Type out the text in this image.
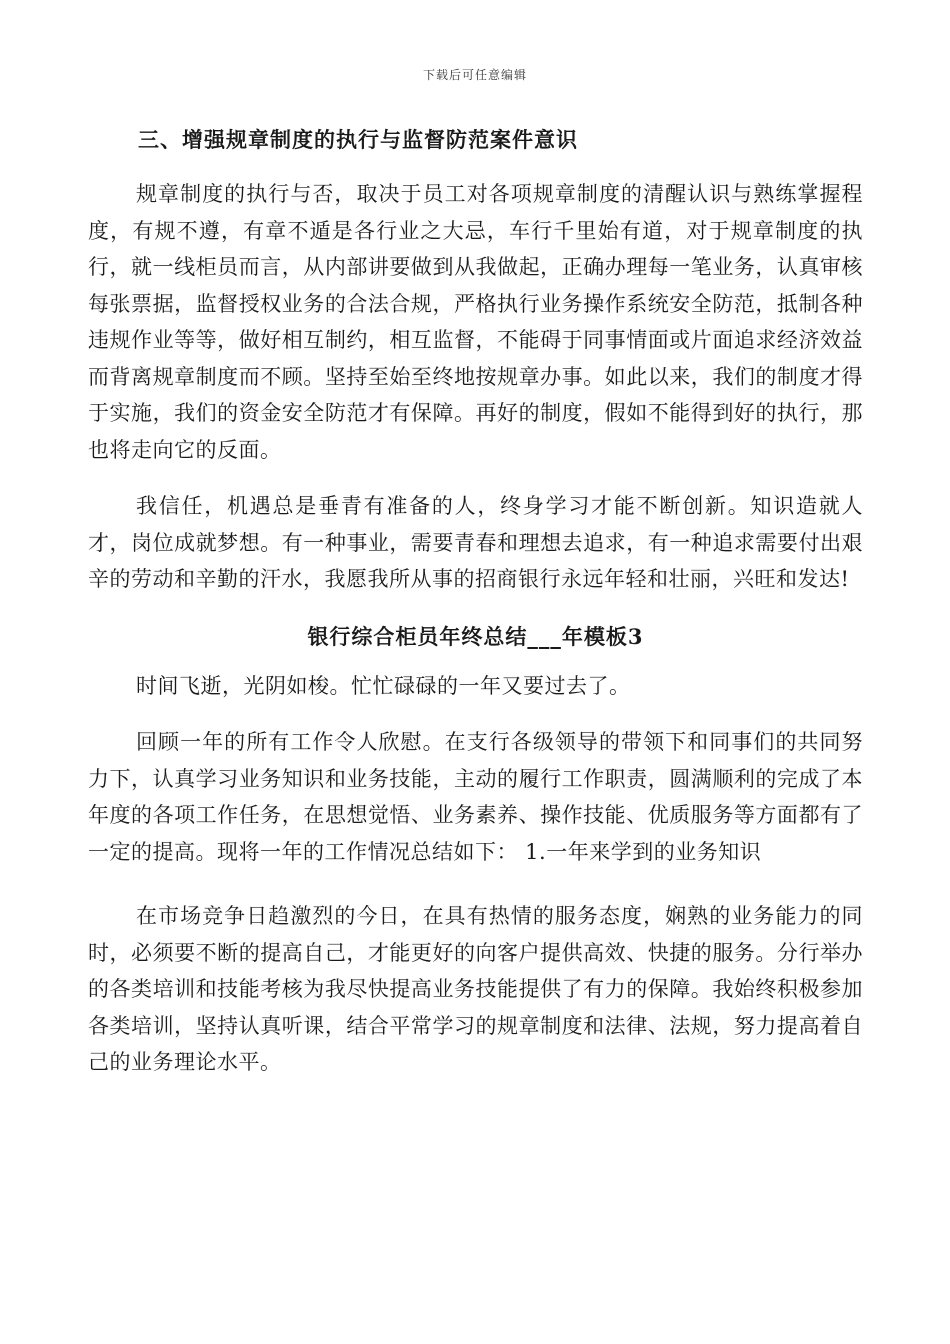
下载后可任意编辑
三、增强规章制度的执行与监督防范案件意识

规章制度的执行与否，取决于员工对各项规章制度的清醒认识与熟练掌握程度，有规不遵，有章不遁是各行业之大忌，车行千里始有道，对于规章制度的执行，就一线柜员而言，从内部讲要做到从我做起，正确办理每一笔业务，认真审核每张票据，监督授权业务的合法合规，严格执行业务操作系统安全防范，抵制各种违规作业等等，做好相互制约，相互监督，不能碍于同事情面或片面追求经济效益而背离规章制度而不顾。坚持至始至终地按规章办事。如此以来，我们的制度才得于实施，我们的资金安全防范才有保障。再好的制度，假如不能得到好的执行，那也将走向它的反面。

我信任，机遇总是垂青有准备的人，终身学习才能不断创新。知识造就人才，岗位成就梦想。有一种事业，需要青春和理想去追求，有一种追求需要付出艰辛的劳动和辛勤的汗水，我愿我所从事的招商银行永远年轻和壮丽，兴旺和发达!

银行综合柜员年终总结___年模板3

时间飞逝，光阴如梭。忙忙碌碌的一年又要过去了。

回顾一年的所有工作令人欣慰。在支行各级领导的带领下和同事们的共同努力下，认真学习业务知识和业务技能，主动的履行工作职责，圆满顺利的完成了本年度的各项工作任务，在思想觉悟、业务素养、操作技能、优质服务等方面都有了一定的提高。现将一年的工作情况总结如下： 1.一年来学到的业务知识

在市场竞争日趋激烈的今日，在具有热情的服务态度，娴熟的业务能力的同时，必须要不断的提高自己，才能更好的向客户提供高效、快捷的服务。分行举办的各类培训和技能考核为我尽快提高业务技能提供了有力的保障。我始终积极参加各类培训，坚持认真听课，结合平常学习的规章制度和法律、法规，努力提高着自己的业务理论水平。
